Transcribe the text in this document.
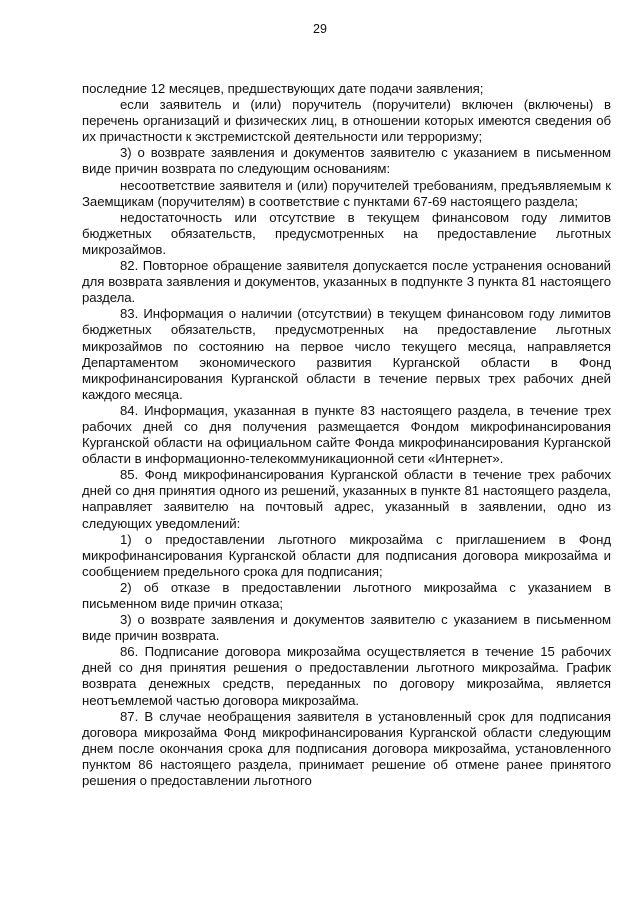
29

последние 12 месяцев, предшествующих дате подачи заявления;

если заявитель и (или) поручитель (поручители) включен (включены) в перечень организаций и физических лиц, в отношении которых имеются сведения об их причастности к экстремистской деятельности или терроризму;

3) о возврате заявления и документов заявителю с указанием в письменном виде причин возврата по следующим основаниям:

несоответствие заявителя и (или) поручителей требованиям, предъявляемым к Заемщикам (поручителям) в соответствие с пунктами 67-69 настоящего раздела;

недостаточность или отсутствие в текущем финансовом году лимитов бюджетных обязательств, предусмотренных на предоставление льготных микрозаймов.

82. Повторное обращение заявителя допускается после устранения оснований для возврата заявления и документов, указанных в подпункте 3 пункта 81 настоящего раздела.

83. Информация о наличии (отсутствии) в текущем финансовом году лимитов бюджетных обязательств, предусмотренных на предоставление льготных микрозаймов по состоянию на первое число текущего месяца, направляется Департаментом экономического развития Курганской области в Фонд микрофинансирования Курганской области в течение первых трех рабочих дней каждого месяца.

84. Информация, указанная в пункте 83 настоящего раздела, в течение трех рабочих дней со дня получения размещается Фондом микрофинансирования Курганской области на официальном сайте Фонда микрофинансирования Курганской области в информационно-телекоммуникационной сети «Интернет».

85. Фонд микрофинансирования Курганской области в течение трех рабочих дней со дня принятия одного из решений, указанных в пункте 81 настоящего раздела, направляет заявителю на почтовый адрес, указанный в заявлении, одно из следующих уведомлений:

1) о предоставлении льготного микрозайма с приглашением в Фонд микрофинансирования Курганской области для подписания договора микрозайма и сообщением предельного срока для подписания;

2) об отказе в предоставлении льготного микрозайма с указанием в письменном виде причин отказа;

3) о возврате заявления и документов заявителю с указанием в письменном виде причин возврата.

86. Подписание договора микрозайма осуществляется в течение 15 рабочих дней со дня принятия решения о предоставлении льготного микрозайма. График возврата денежных средств, переданных по договору микрозайма, является неотъемлемой частью договора микрозайма.

87. В случае необращения заявителя в установленный срок для подписания договора микрозайма Фонд микрофинансирования Курганской области следующим днем после окончания срока для подписания договора микрозайма, установленного пунктом 86 настоящего раздела, принимает решение об отмене ранее принятого решения о предоставлении льготного
